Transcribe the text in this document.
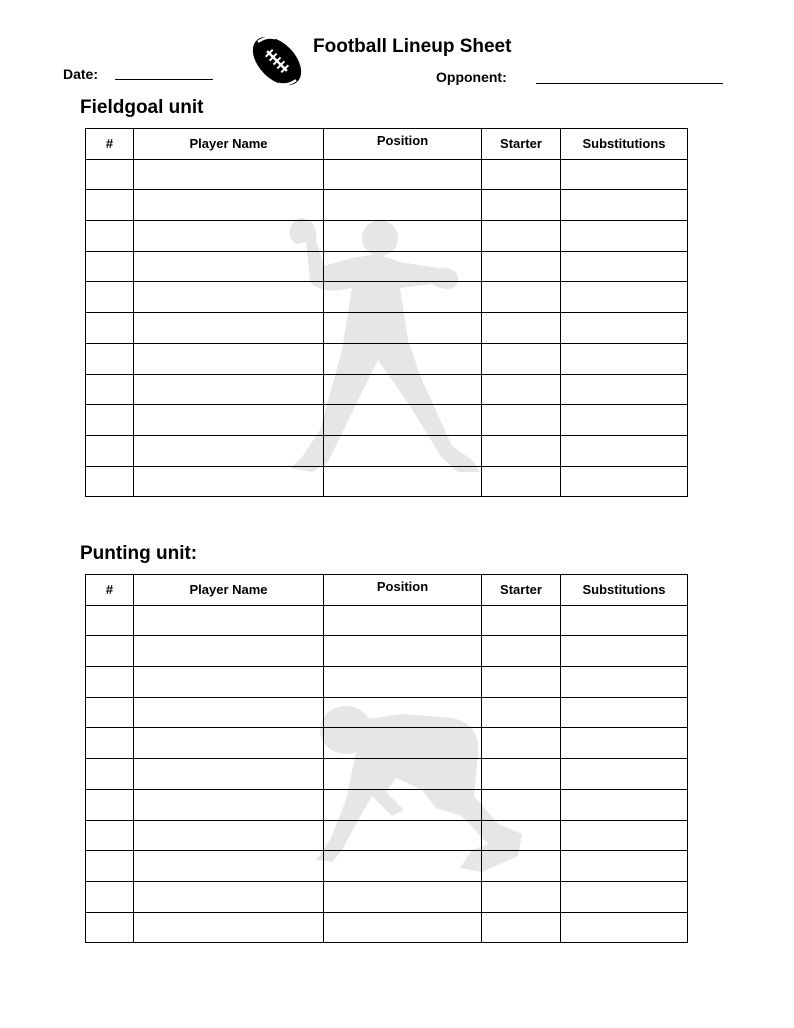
Football Lineup Sheet
Date:	Opponent:
Fieldgoal unit
#	Player Name	Position	Starter	Substitutions

Punting unit:
#	Player Name	Position	Starter	Substitutions
